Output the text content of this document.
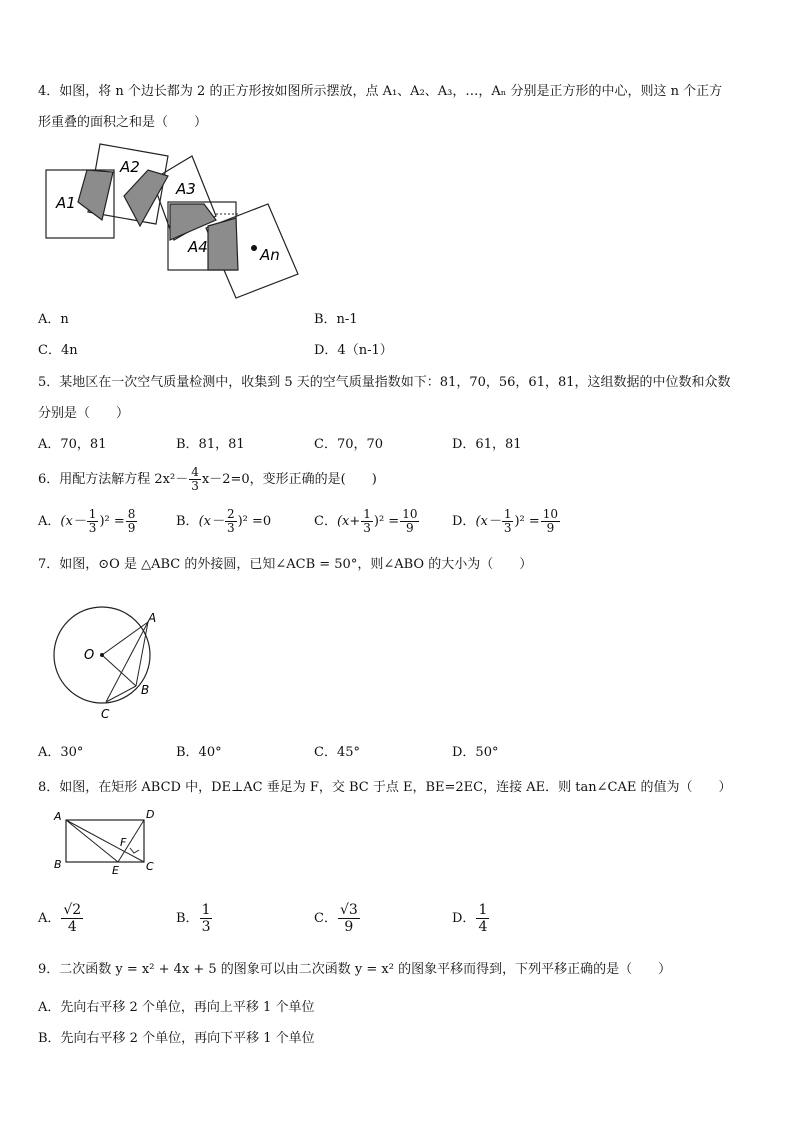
4．如图，将 n 个边长都为 2 的正方形按如图所示摆放，点 A₁、A₂、A₃，…，Aₙ 分别是正方形的中心，则这 n 个正方
形重叠的面积之和是（　　）
A1
A2
A3
A4	An
A．n	B．n-1
C．4n	D．4（n-1）
5．某地区在一次空气质量检测中，收集到 5 天的空气质量指数如下：81，70，56，61，81，这组数据的中位数和众数
分别是（　　）
A．70，81	B．81，81	C．70，70	D．61，81
6．用配方法解方程 $2x^2- \frac{4}{3} x-2=0$，变形正确的是(　　)
A．$(x- \frac{1}{3} )^2 = \frac{8}{9}$	B．$(x- \frac{2}{3} )^2 =0$	C．$(x+ \frac{1}{3} )^2 = \frac{10}{9}$	D．$(x- \frac{1}{3} )^2 = \frac{10}{9}$
7．如图，⊙O 是 △ABC 的外接圆，已知∠ACB = 50°，则∠ABO 的大小为（　　）
O
A
B
C
A．30°	B．40°	C．45°	D．50°
8．如图，在矩形 ABCD 中，DE⊥AC 垂足为 F，交 BC 于点 E，BE=2EC，连接 AE．则 tan∠CAE 的值为（　　）
A	D
B	C
E
F
A． $\frac{√2}{4}$	B． $\frac{1}{3}$	C． $\frac{√3}{9}$	D． $\frac{1}{4}$
9．二次函数 y = x² + 4x + 5 的图象可以由二次函数 y = x² 的图象平移而得到，下列平移正确的是（　　）
A．先向右平移 2 个单位，再向上平移 1 个单位
B．先向右平移 2 个单位，再向下平移 1 个单位
